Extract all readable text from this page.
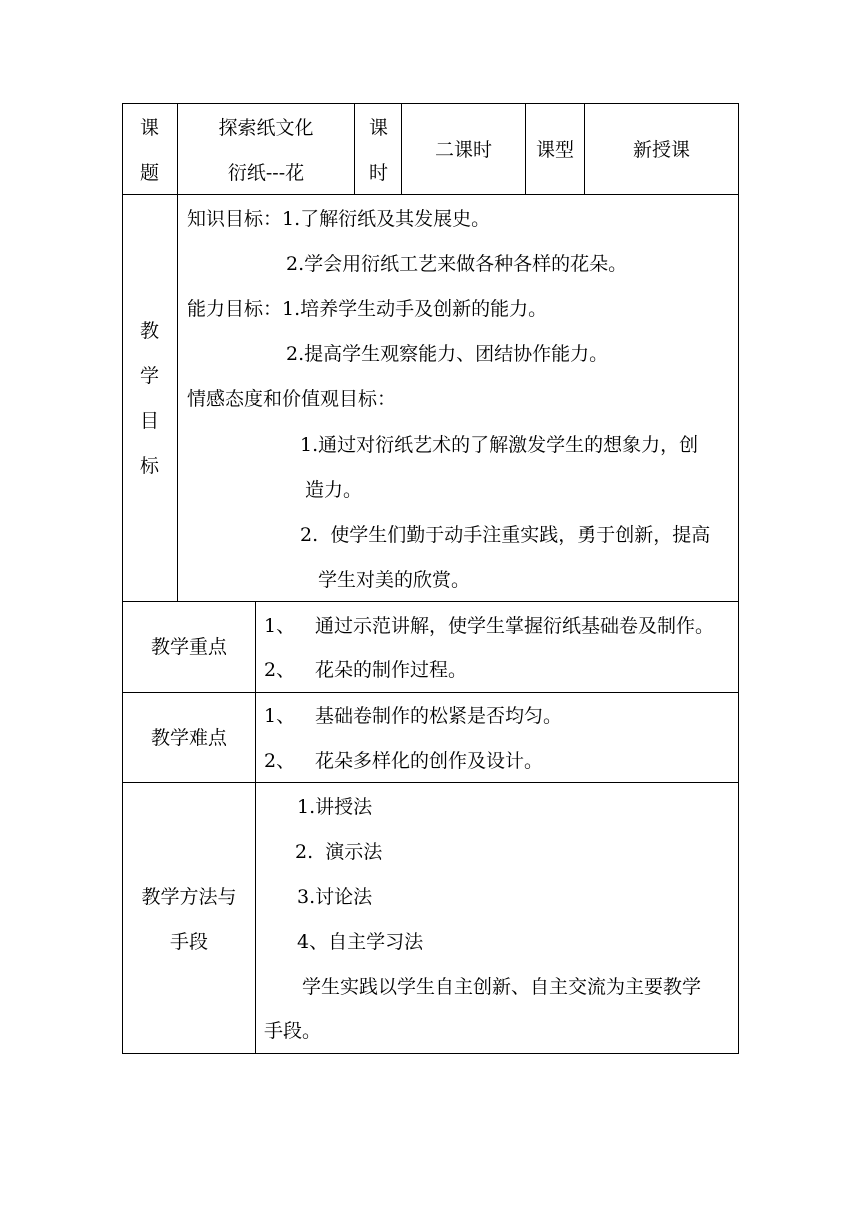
课
题
探索纸文化
衍纸---花
课
时
二课时	课型	新授课
教
学
目
标
知识目标：1.了解衍纸及其发展史。
2.学会用衍纸工艺来做各种各样的花朵。
能力目标：1.培养学生动手及创新的能力。
2.提高学生观察能力、团结协作能力。
情感态度和价值观目标：
1.通过对衍纸艺术的了解激发学生的想象力，创
造力。
2.  使学生们勤于动手注重实践，勇于创新，提高
学生对美的欣赏。
教学重点
1、 通过示范讲解，使学生掌握衍纸基础卷及制作。
2、 花朵的制作过程。
教学难点
1、 基础卷制作的松紧是否均匀。
2、 花朵多样化的创作及设计。
教学方法与
手段
1.讲授法
2.  演示法
3.讨论法
4、自主学习法
学生实践以学生自主创新、自主交流为主要教学
手段。
